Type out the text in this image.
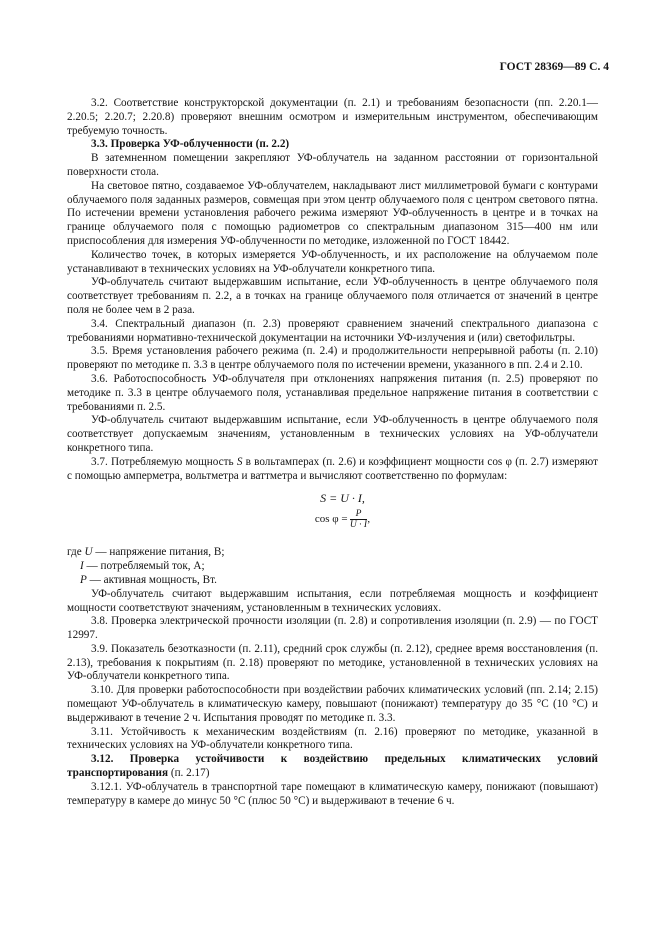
ГОСТ 28369—89 С. 4

3.2. Соответствие конструкторской документации (п. 2.1) и требованиям безопасности (пп. 2.20.1—2.20.5; 2.20.7; 2.20.8) проверяют внешним осмотром и измерительным инструментом, обеспечивающим требуемую точность.

3.3. Проверка УФ-облученности (п. 2.2)

В затемненном помещении закрепляют УФ-облучатель на заданном расстоянии от горизонтальной поверхности стола.

На световое пятно, создаваемое УФ-облучателем, накладывают лист миллиметровой бумаги с контурами облучаемого поля заданных размеров, совмещая при этом центр облучаемого поля с центром светового пятна. По истечении времени установления рабочего режима измеряют УФ-облученность в центре и в точках на границе облучаемого поля с помощью радиометров со спектральным диапазоном 315—400 нм или приспособления для измерения УФ-облученности по методике, изложенной по ГОСТ 18442.

Количество точек, в которых измеряется УФ-облученность, и их расположение на облучаемом поле устанавливают в технических условиях на УФ-облучатели конкретного типа.

УФ-облучатель считают выдержавшим испытание, если УФ-облученность в центре облучаемого поля соответствует требованиям п. 2.2, а в точках на границе облучаемого поля отличается от значений в центре поля не более чем в 2 раза.

3.4. Спектральный диапазон (п. 2.3) проверяют сравнением значений спектрального диапазона с требованиями нормативно-технической документации на источники УФ-излучения и (или) светофильтры.

3.5. Время установления рабочего режима (п. 2.4) и продолжительности непрерывной работы (п. 2.10) проверяют по методике п. 3.3 в центре облучаемого поля по истечении времени, указанного в пп. 2.4 и 2.10.

3.6. Работоспособность УФ-облучателя при отклонениях напряжения питания (п. 2.5) проверяют по методике п. 3.3 в центре облучаемого поля, устанавливая предельное напряжение питания в соответствии с требованиями п. 2.5.

УФ-облучатель считают выдержавшим испытание, если УФ-облученность в центре облучаемого поля соответствует допускаемым значениям, установленным в технических условиях на УФ-облучатели конкретного типа.

3.7. Потребляемую мощность S в вольтамперах (п. 2.6) и коэффициент мощности cos φ (п. 2.7) измеряют с помощью амперметра, вольтметра и ваттметра и вычисляют соответственно по формулам:

S = U · I,
$\cos \varphi = \frac{P}{U \cdot I}$ ,

где U — напряжение питания, В;

I — потребляемый ток, А;

P — активная мощность, Вт.

УФ-облучатель считают выдержавшим испытания, если потребляемая мощность и коэффициент мощности соответствуют значениям, установленным в технических условиях.

3.8. Проверка электрической прочности изоляции (п. 2.8) и сопротивления изоляции (п. 2.9) — по ГОСТ 12997.

3.9. Показатель безотказности (п. 2.11), средний срок службы (п. 2.12), среднее время восстановления (п. 2.13), требования к покрытиям (п. 2.18) проверяют по методике, установленной в технических условиях на УФ-облучатели конкретного типа.

3.10. Для проверки работоспособности при воздействии рабочих климатических условий (пп. 2.14; 2.15) помещают УФ-облучатель в климатическую камеру, повышают (понижают) температуру до 35 °C (10 °C) и выдерживают в течение 2 ч. Испытания проводят по методике п. 3.3.

3.11. Устойчивость к механическим воздействиям (п. 2.16) проверяют по методике, указанной в технических условиях на УФ-облучатели конкретного типа.

3.12. Проверка устойчивости к воздействию предельных климатических условий транспортирования (п. 2.17)

3.12.1. УФ-облучатель в транспортной таре помещают в климатическую камеру, понижают (повышают) температуру в камере до минус 50 °C (плюс 50 °C) и выдерживают в течение 6 ч.
